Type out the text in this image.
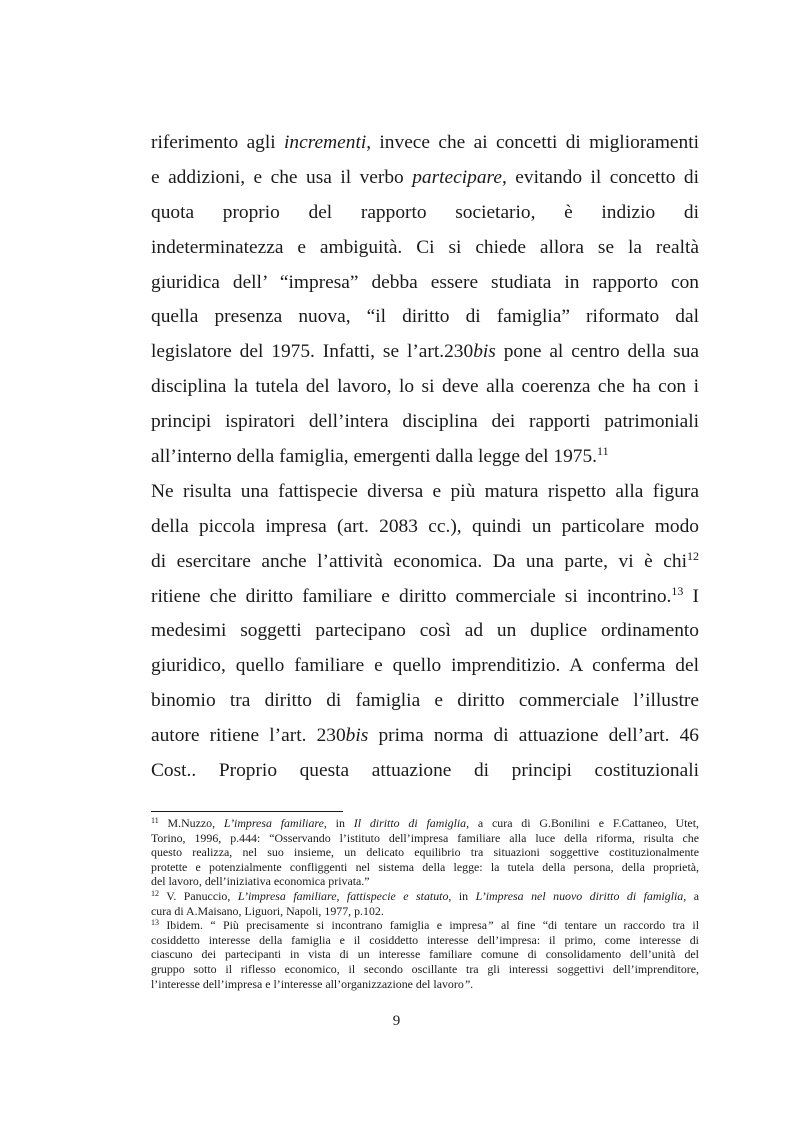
riferimento agli incrementi, invece che ai concetti di miglioramenti
e addizioni, e che usa il verbo partecipare, evitando il concetto di
quota proprio del rapporto societario, è indizio di
indeterminatezza e ambiguità. Ci si chiede allora se la realtà
giuridica dell’ “impresa” debba essere studiata in rapporto con
quella presenza nuova, “il diritto di famiglia” riformato dal
legislatore del 1975. Infatti, se l’art.230bis pone al centro della sua
disciplina la tutela del lavoro, lo si deve alla coerenza che ha con i
principi ispiratori dell’intera disciplina dei rapporti patrimoniali
all’interno della famiglia, emergenti dalla legge del 1975.11
Ne risulta una fattispecie diversa e più matura rispetto alla figura
della piccola impresa (art. 2083 cc.), quindi un particolare modo
di esercitare anche l’attività economica. Da una parte, vi è chi$^{12}$
ritiene che diritto familiare e diritto commerciale si incontrino.$^{13}$ I
medesimi soggetti partecipano così ad un duplice ordinamento
giuridico, quello familiare e quello imprenditizio. A conferma del
binomio tra diritto di famiglia e diritto commerciale l’illustre
autore ritiene l’art. 230bis prima norma di attuazione dell’art. 46
Cost.. Proprio questa attuazione di principi costituzionali
$^{11}$ M.Nuzzo, L’impresa familiare, in Il diritto di famiglia, a cura di G.Bonilini e F.Cattaneo, Utet,
Torino, 1996, p.444: “Osservando l’istituto dell’impresa familiare alla luce della riforma, risulta che
questo realizza, nel suo insieme, un delicato equilibrio tra situazioni soggettive costituzionalmente
protette e potenzialmente confliggenti nel sistema della legge: la tutela della persona, della proprietà,
del lavoro, dell’iniziativa economica privata.”
$^{12}$ V. Panuccio, L’impresa familiare, fattispecie e statuto, in L’impresa nel nuovo diritto di famiglia, a
cura di A.Maisano, Liguori, Napoli, 1977, p.102.
$^{13}$ Ibidem. “ Più precisamente si incontrano famiglia e impresa” al fine “di tentare un raccordo tra il
cosiddetto interesse della famiglia e il cosiddetto interesse dell’impresa: il primo, come interesse di
ciascuno dei partecipanti in vista di un interesse familiare comune di consolidamento dell’unità del
gruppo sotto il riflesso economico, il secondo oscillante tra gli interessi soggettivi dell’imprenditore,
l’interesse dell’impresa e l’interesse all’organizzazione del lavoro”.
9
